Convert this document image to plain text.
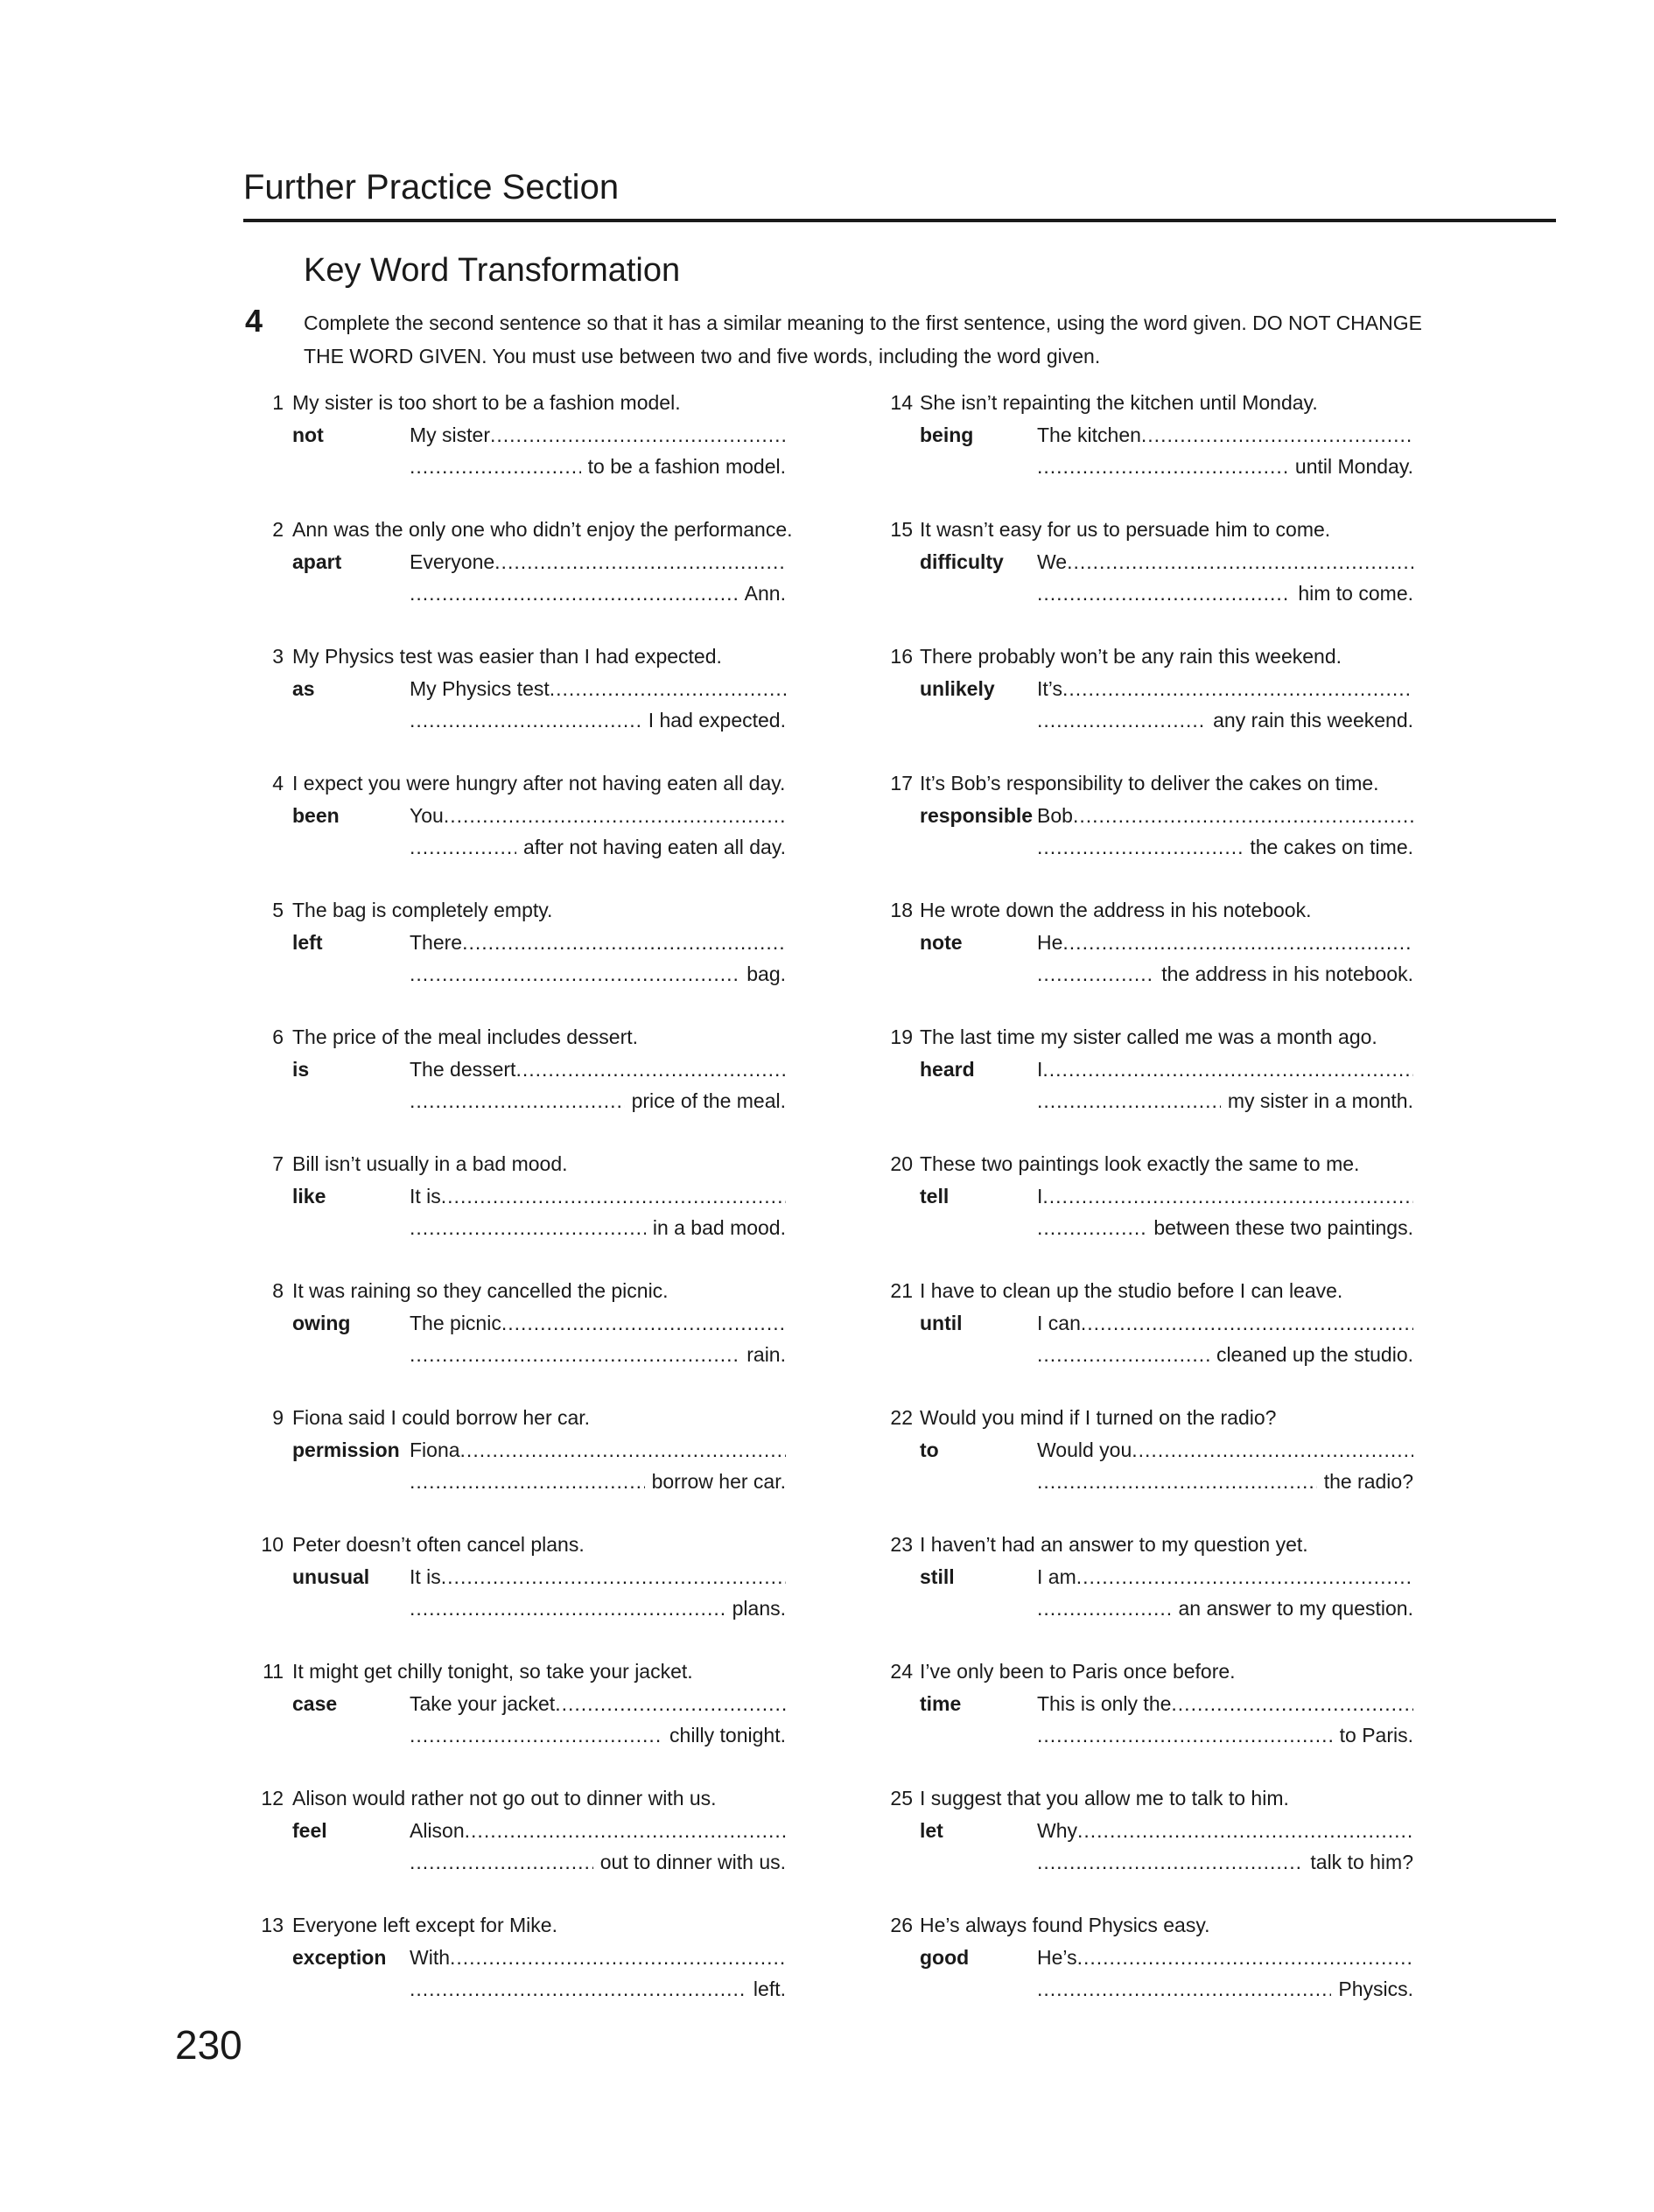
Further Practice Section
Key Word Transformation
4 Complete the second sentence so that it has a similar meaning to the first sentence, using the word given. DO NOT CHANGE THE WORD GIVEN. You must use between two and five words, including the word given.
1 My sister is too short to be a fashion model.
not	My sister .....
.....
to be a fashion model.
2 Ann was the only one who didn’t enjoy the performance.
apart	Everyone .....
.....
Ann.
3 My Physics test was easier than I had expected.
as	My Physics test .....
.....
I had expected.
4 I expect you were hungry after not having eaten all day.
been	You .....
.....
after not having eaten all day.
5 The bag is completely empty.
left	There .....
.....
bag.
6 The price of the meal includes dessert.
is	The dessert .....
.....
price of the meal.
7 Bill isn’t usually in a bad mood.
like	It is .....
.....
in a bad mood.
8 It was raining so they cancelled the picnic.
owing	The picnic .....
.....
rain.
9 Fiona said I could borrow her car.
permission Fiona .....
.....
borrow her car.
10 Peter doesn’t often cancel plans.
unusual It is .....
.....
plans.
11 It might get chilly tonight, so take your jacket.
case	Take your jacket .....
.....
chilly tonight.
12 Alison would rather not go out to dinner with us.
feel	Alison .....
.....
out to dinner with us.
13 Everyone left except for Mike.
exception With .....
.....
left.
14 She isn’t repainting the kitchen until Monday.
being	The kitchen .....
.....
until Monday.
15 It wasn’t easy for us to persuade him to come.
difficulty We .....
.....
him to come.
16 There probably won’t be any rain this weekend.
unlikely It’s .....
.....
any rain this weekend.
17 It’s Bob’s responsibility to deliver the cakes on time.
responsible Bob .....
.....
the cakes on time.
18 He wrote down the address in his notebook.
note	He .....
.....
the address in his notebook.
19 The last time my sister called me was a month ago.
heard	I .....
.....
my sister in a month.
20 These two paintings look exactly the same to me.
tell	I .....
.....
between these two paintings.
21 I have to clean up the studio before I can leave.
until	I can .....
.....
cleaned up the studio.
22 Would you mind if I turned on the radio?
to	Would you .....
.....
the radio?
23 I haven’t had an answer to my question yet.
still	I am .....
.....
an answer to my question.
24 I’ve only been to Paris once before.
time	This is only the .....
.....
to Paris.
25 I suggest that you allow me to talk to him.
let	Why .....
.....
talk to him?
26 He’s always found Physics easy.
good	He’s .....
.....
Physics.
230
